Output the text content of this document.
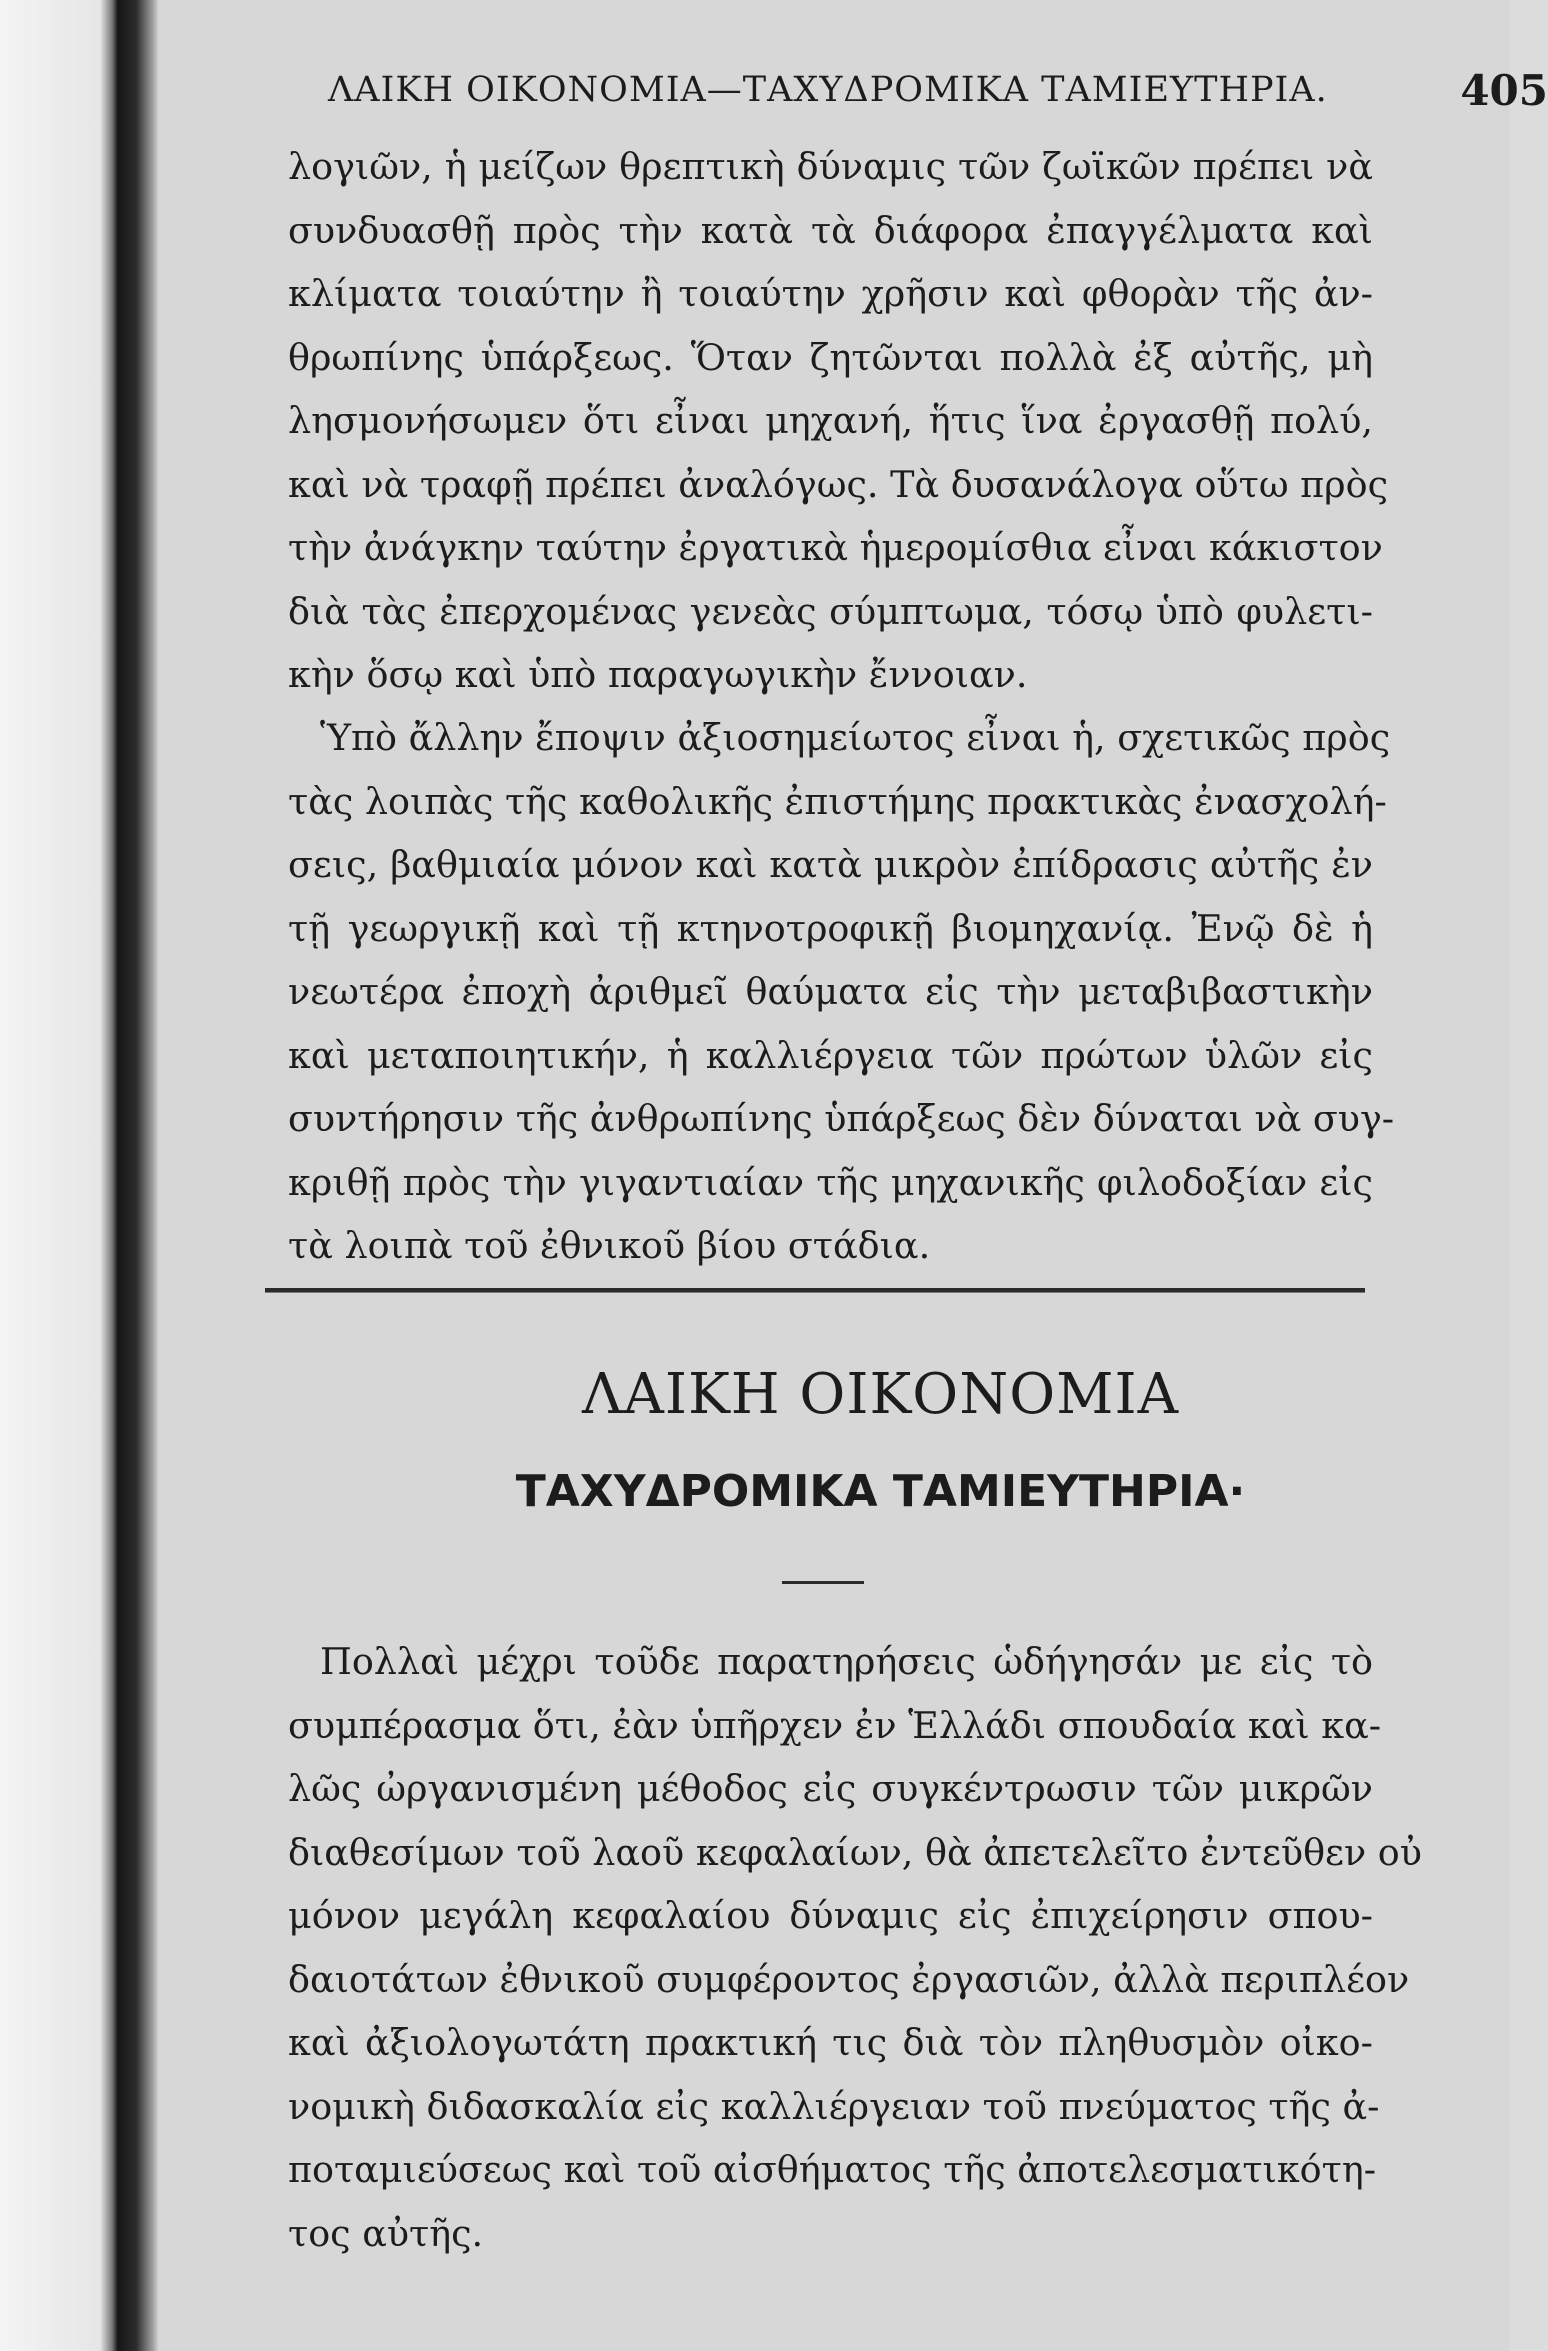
ΛΑΙΚΗ ΟΙΚΟΝΟΜΙΑ—ΤΑΧΥΔΡΟΜΙΚΑ ΤΑΜΙΕΥΤΗΡΙΑ.	405
λογιῶν, ἡ μείζων θρεπτικὴ δύναμις τῶν ζωϊκῶν πρέπει νὰ
συνδυασθῇ πρὸς τὴν κατὰ τὰ διάφορα ἐπαγγέλματα καὶ
κλίματα τοιαύτην ἢ τοιαύτην χρῆσιν καὶ φθορὰν τῆς ἀν-
θρωπίνης ὑπάρξεως. Ὅταν ζητῶνται πολλὰ ἐξ αὐτῆς, μὴ
λησμονήσωμεν ὅτι εἶναι μηχανή, ἥτις ἵνα ἐργασθῇ πολύ,
καὶ νὰ τραφῇ πρέπει ἀναλόγως. Τὰ δυσανάλογα οὕτω πρὸς
τὴν ἀνάγκην ταύτην ἐργατικὰ ἡμερομίσθια εἶναι κάκιστον
διὰ τὰς ἐπερχομένας γενεὰς σύμπτωμα, τόσῳ ὑπὸ φυλετι-
κὴν ὅσῳ καὶ ὑπὸ παραγωγικὴν ἔννοιαν.
Ὑπὸ ἄλλην ἔποψιν ἀξιοσημείωτος εἶναι ἡ, σχετικῶς πρὸς
τὰς λοιπὰς τῆς καθολικῆς ἐπιστήμης πρακτικὰς ἐνασχολή-
σεις, βαθμιαία μόνον καὶ κατὰ μικρὸν ἐπίδρασις αὐτῆς ἐν
τῇ γεωργικῇ καὶ τῇ κτηνοτροφικῇ βιομηχανίᾳ. Ἐνῷ δὲ ἡ
νεωτέρα ἐποχὴ ἀριθμεῖ θαύματα εἰς τὴν μεταβιβαστικὴν
καὶ μεταποιητικήν, ἡ καλλιέργεια τῶν πρώτων ὑλῶν εἰς
συντήρησιν τῆς ἀνθρωπίνης ὑπάρξεως δὲν δύναται νὰ συγ-
κριθῇ πρὸς τὴν γιγαντιαίαν τῆς μηχανικῆς φιλοδοξίαν εἰς
τὰ λοιπὰ τοῦ ἐθνικοῦ βίου στάδια.
ΛΑΙΚΗ ΟΙΚΟΝΟΜΙΑ
ΤΑΧΥΔΡΟΜΙΚΑ ΤΑΜΙΕΥΤΗΡΙΑ·
Πολλαὶ μέχρι τοῦδε παρατηρήσεις ὡδήγησάν με εἰς τὸ
συμπέρασμα ὅτι, ἐὰν ὑπῆρχεν ἐν Ἑλλάδι σπουδαία καὶ κα-
λῶς ὠργανισμένη μέθοδος εἰς συγκέντρωσιν τῶν μικρῶν
διαθεσίμων τοῦ λαοῦ κεφαλαίων, θὰ ἀπετελεῖτο ἐντεῦθεν οὐ
μόνον μεγάλη κεφαλαίου δύναμις εἰς ἐπιχείρησιν σπου-
δαιοτάτων ἐθνικοῦ συμφέροντος ἐργασιῶν, ἀλλὰ περιπλέον
καὶ ἀξιολογωτάτη πρακτική τις διὰ τὸν πληθυσμὸν οἰκο-
νομικὴ διδασκαλία εἰς καλλιέργειαν τοῦ πνεύματος τῆς ἀ-
ποταμιεύσεως καὶ τοῦ αἰσθήματος τῆς ἀποτελεσματικότη-
τος αὐτῆς.
